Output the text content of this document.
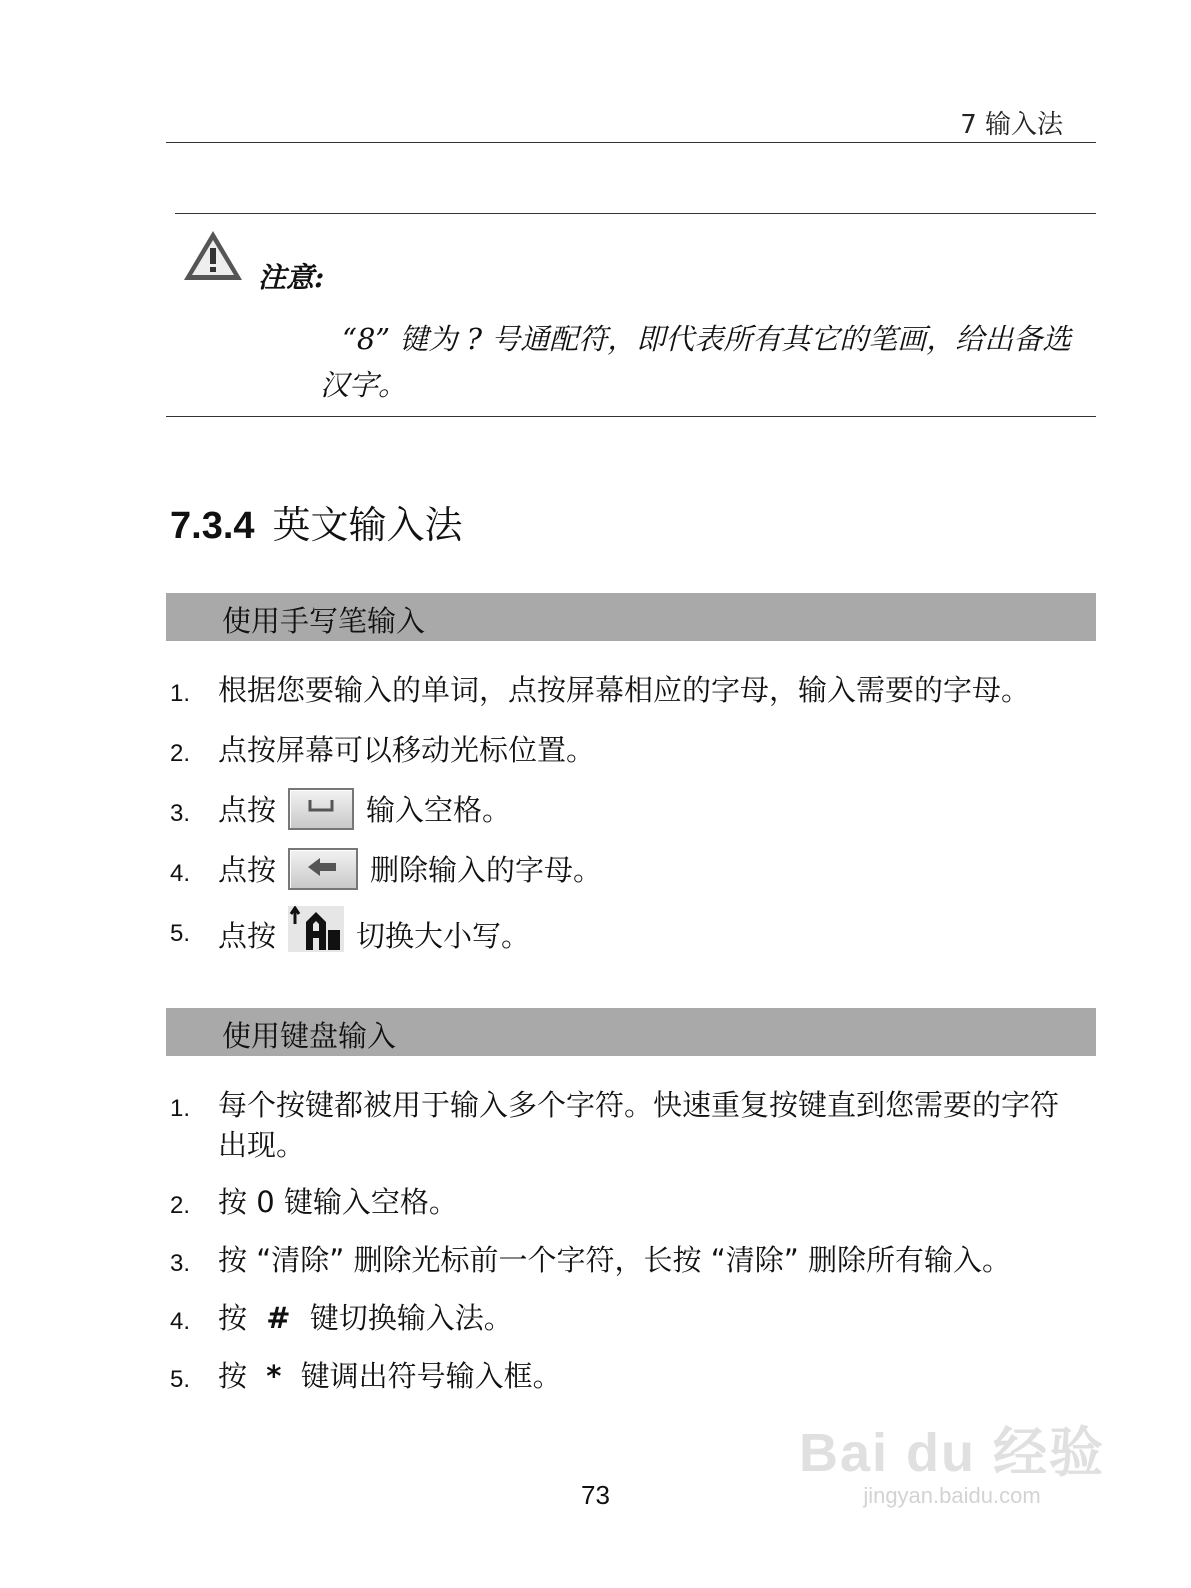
7 输入法
注意:
“8” 键为 ? 号通配符，即代表所有其它的笔画，给出备选汉字。
7.3.4 英文输入法
使用手写笔输入
1. 根据您要输入的单词，点按屏幕相应的字母，输入需要的字母。
2. 点按屏幕可以移动光标位置。
3. 点按	输入空格。
4. 点按	删除输入的字母。
5. 点按	切换大小写。
使用键盘输入
1. 每个按键都被用于输入多个字符。快速重复按键直到您需要的字符出现。
2. 按 0 键输入空格。
3. 按 “清除” 删除光标前一个字符，长按 “清除” 删除所有输入。
4. 按 # 键切换输入法。
5. 按 * 键调出符号输入框。
73
Bai du 经验
jingyan.baidu.com
